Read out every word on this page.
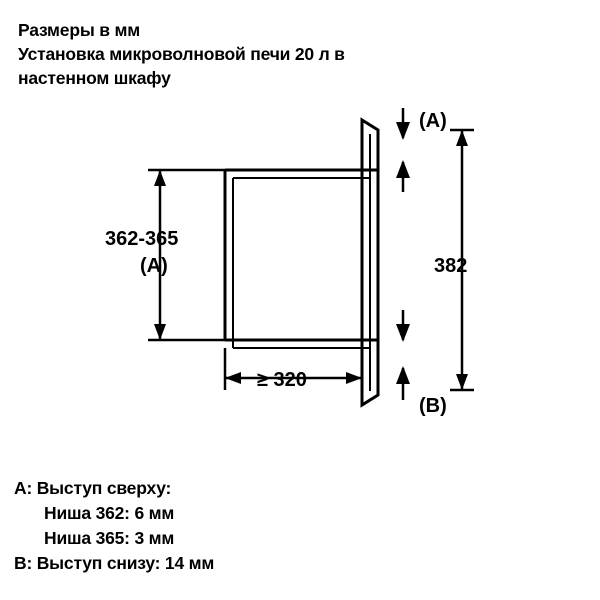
Размеры в мм
Установка микроволновой печи 20 л в
настенном шкафу
362-365
(A)
≥ 320
382
(A)
(B)
A: Выступ сверху:
Ниша 362: 6 мм
Ниша 365: 3 мм
B: Выступ снизу: 14 мм
